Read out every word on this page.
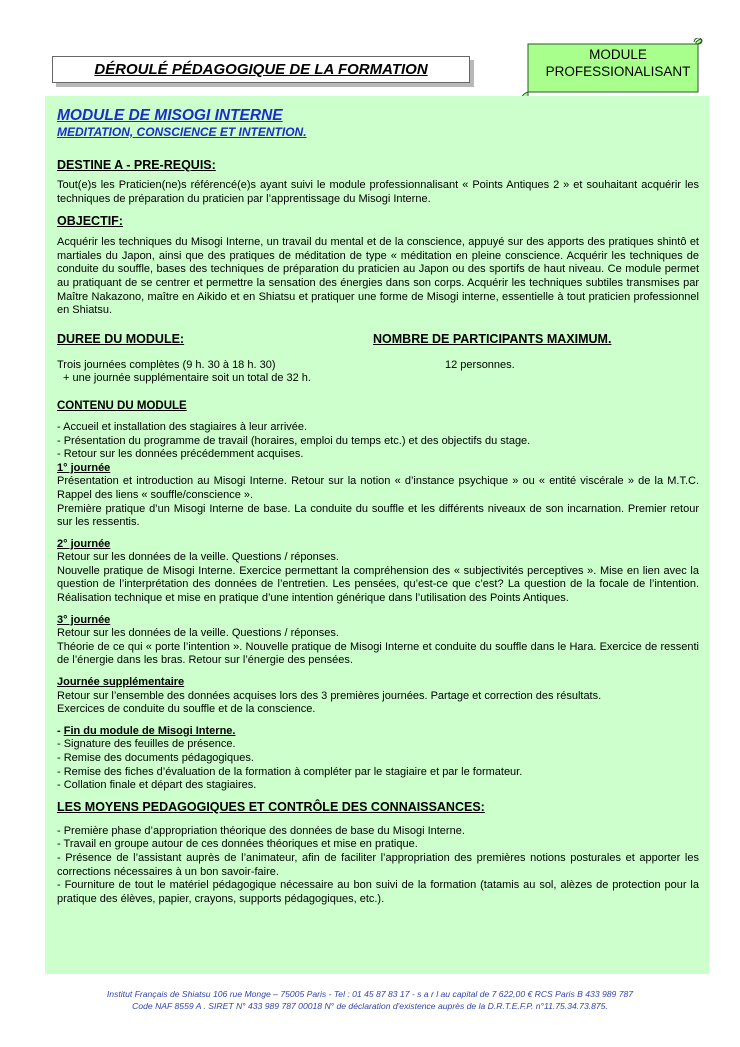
DÉROULÉ PÉDAGOGIQUE DE LA FORMATION
MODULE
PROFESSIONALISANT
MODULE DE MISOGI INTERNE
MEDITATION, CONSCIENCE ET INTENTION.
DESTINE A - PRE-REQUIS:

Tout(e)s les Praticien(ne)s référencé(e)s ayant suivi le module professionnalisant « Points Antiques 2 » et souhaitant acquérir les techniques de préparation du praticien par l’apprentissage du Misogi Interne.

OBJECTIF:

Acquérir les techniques du Misogi Interne, un travail du mental et de la conscience, appuyé sur des apports des pratiques shintô et martiales du Japon, ainsi que des pratiques de méditation de type « méditation en pleine conscience. Acquérir les techniques de conduite du souffle, bases des techniques de préparation du praticien au Japon ou des sportifs de haut niveau. Ce module permet au pratiquant de se centrer et permettre la sensation des énergies dans son corps. Acquérir les techniques subtiles transmises par Maître Nakazono, maître en Aikido et en Shiatsu et pratiquer une forme de Misogi interne, essentielle à tout praticien professionnel en Shiatsu.

DUREE DU MODULE:	NOMBRE DE PARTICIPANTS MAXIMUM.
Trois journées complètes (9 h. 30 à 18 h. 30)
+ une journée supplémentaire soit un total de 32 h.
12 personnes.
CONTENU DU MODULE
- Accueil et installation des stagiaires à leur arrivée.
- Présentation du programme de travail (horaires, emploi du temps etc.) et des objectifs du stage.
- Retour sur les données précédemment acquises.
1° journée

Présentation et introduction au Misogi Interne. Retour sur la notion « d’instance psychique » ou « entité viscérale » de la M.T.C. Rappel des liens « souffle/conscience ».

Première pratique d’un Misogi Interne de base. La conduite du souffle et les différents niveaux de son incarnation. Premier retour sur les ressentis.

2° journée

Retour sur les données de la veille. Questions / réponses.

Nouvelle pratique de Misogi Interne. Exercice permettant la compréhension des « subjectivités perceptives ». Mise en lien avec la question de l’interprétation des données de l’entretien. Les pensées, qu’est-ce que c’est? La question de la focale de l’intention. Réalisation technique et mise en pratique d’une intention générique dans l’utilisation des Points Antiques.

3° journée

Retour sur les données de la veille. Questions / réponses.

Théorie de ce qui « porte l’intention ». Nouvelle pratique de Misogi Interne et conduite du souffle dans le Hara. Exercice de ressenti de l’énergie dans les bras. Retour sur l’énergie des pensées.

Journée supplémentaire

Retour sur l’ensemble des données acquises lors des 3 premières journées. Partage et correction des résultats.

Exercices de conduite du souffle et de la conscience.

- Fin du module de Misogi Interne.
- Signature des feuilles de présence.
- Remise des documents pédagogiques.
- Remise des fiches d’évaluation de la formation à compléter par le stagiaire et par le formateur.
- Collation finale et départ des stagiaires.
LES MOYENS PEDAGOGIQUES ET CONTRÔLE DES CONNAISSANCES:
- Première phase d’appropriation théorique des données de base du Misogi Interne.
- Travail en groupe autour de ces données théoriques et mise en pratique.

- Présence de l’assistant auprès de l’animateur, afin de faciliter l’appropriation des premières notions posturales et apporter les corrections nécessaires à un bon savoir-faire.

- Fourniture de tout le matériel pédagogique nécessaire au bon suivi de la formation (tatamis au sol, alèzes de protection pour la pratique des élèves, papier, crayons, supports pédagogiques, etc.).

Institut Français de Shiatsu 106 rue Monge – 75005 Paris - Tel : 01 45 87 83 17 - s a r l au capital de 7 622,00 € RCS Paris B 433 989 787
Code NAF 8559 A . SIRET N° 433 989 787 00018 N° de déclaration d'existence auprès de la D.R.T.E.F.P. n°11.75.34.73.875.
